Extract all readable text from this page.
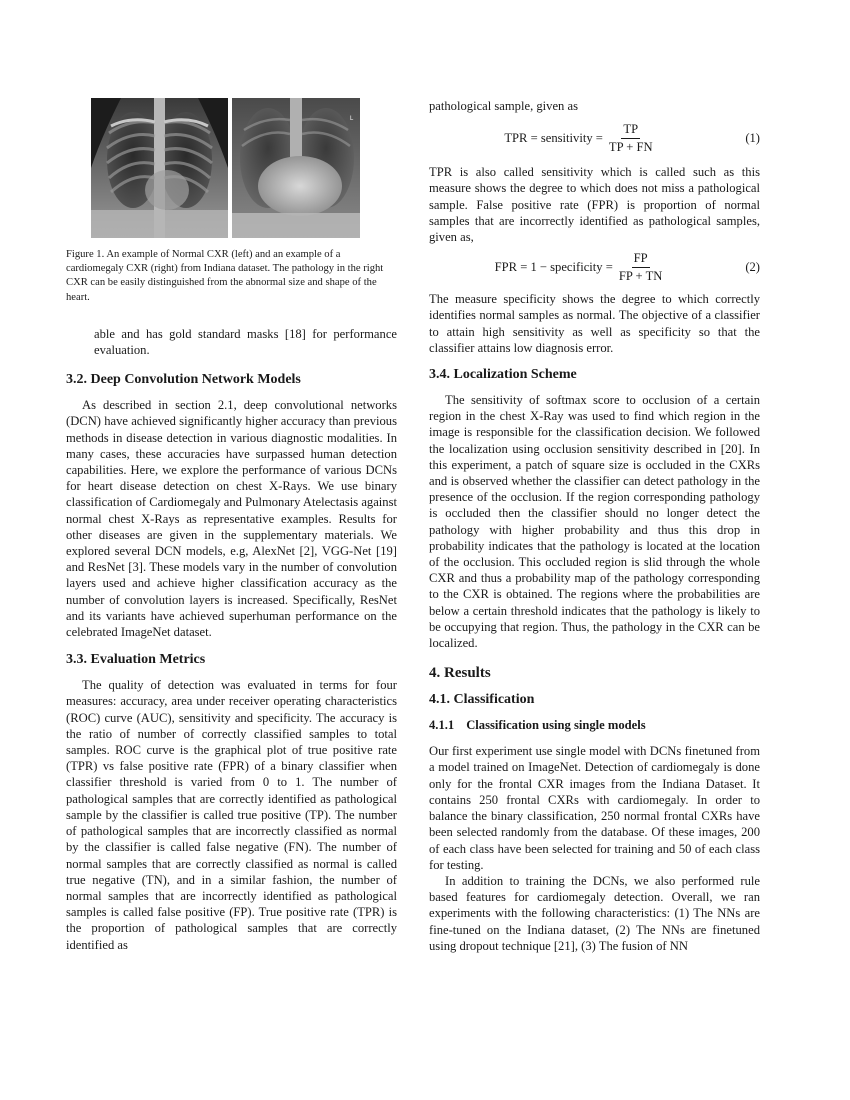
L
Figure 1. An example of Normal CXR (left) and an example of a cardiomegaly CXR (right) from Indiana dataset. The pathology in the right CXR can be easily distinguished from the abnormal size and shape of the heart.

able and has gold standard masks [18] for performance evaluation.

3.2. Deep Convolution Network Models

As described in section 2.1, deep convolutional networks (DCN) have achieved significantly higher accuracy than previous methods in disease detection in various diagnostic modalities. In many cases, these accuracies have surpassed human detection capabilities. Here, we explore the performance of various DCNs for heart disease detection on chest X-Rays. We use binary classification of Cardiomegaly and Pulmonary Atelectasis against normal chest X-Rays as representative examples. Results for other diseases are given in the supplementary materials. We explored several DCN models, e.g, AlexNet [2], VGG-Net [19] and ResNet [3]. These models vary in the number of convolution layers used and achieve higher classification accuracy as the number of convolution layers is increased. Specifically, ResNet and its variants have achieved superhuman performance on the celebrated ImageNet dataset.

3.3. Evaluation Metrics

The quality of detection was evaluated in terms for four measures: accuracy, area under receiver operating characteristics (ROC) curve (AUC), sensitivity and specificity. The accuracy is the ratio of number of correctly classified samples to total samples. ROC curve is the graphical plot of true positive rate (TPR) vs false positive rate (FPR) of a binary classifier when classifier threshold is varied from 0 to 1. The number of pathological samples that are correctly identified as pathological sample by the classifier is called true positive (TP). The number of pathological samples that are incorrectly classified as normal by the classifier is called false negative (FN). The number of normal samples that are correctly classified as normal is called true negative (TN), and in a similar fashion, the number of normal samples that are incorrectly identified as pathological samples is called false positive (FP). True positive rate (TPR) is the proportion of pathological samples that are correctly identified as

pathological sample, given as

TPR = sensitivity = $\frac{TP}{TP + FN}$	(1)

TPR is also called sensitivity which is called such as this measure shows the degree to which does not miss a pathological sample. False positive rate (FPR) is proportion of normal samples that are incorrectly identified as pathological samples, given as,

FPR = 1 − specificity = $\frac{FP}{FP + TN}$	(2)

The measure specificity shows the degree to which correctly identifies normal samples as normal. The objective of a classifier to attain high sensitivity as well as specificity so that the classifier attains low diagnosis error.

3.4. Localization Scheme

The sensitivity of softmax score to occlusion of a certain region in the chest X-Ray was used to find which region in the image is responsible for the classification decision. We followed the localization using occlusion sensitivity described in [20]. In this experiment, a patch of square size is occluded in the CXRs and is observed whether the classifier can detect pathology in the presence of the occlusion. If the region corresponding pathology is occluded then the classifier should no longer detect the pathology with higher probability and thus this drop in probability indicates that the pathology is located at the location of the occlusion. This occluded region is slid through the whole CXR and thus a probability map of the pathology corresponding to the CXR is obtained. The regions where the probabilities are below a certain threshold indicates that the pathology is likely to be occupying that region. Thus, the pathology in the CXR can be localized.

4. Results
4.1. Classification
4.1.1 Classification using single models

Our first experiment use single model with DCNs finetuned from a model trained on ImageNet. Detection of cardiomegaly is done only for the frontal CXR images from the Indiana Dataset. It contains 250 frontal CXRs with cardiomegaly. In order to balance the binary classification, 250 normal frontal CXRs have been selected randomly from the database. Of these images, 200 of each class have been selected for training and 50 of each class for testing.

In addition to training the DCNs, we also performed rule based features for cardiomegaly detection. Overall, we ran experiments with the following characteristics: (1) The NNs are fine-tuned on the Indiana dataset, (2) The NNs are finetuned using dropout technique [21], (3) The fusion of NN
